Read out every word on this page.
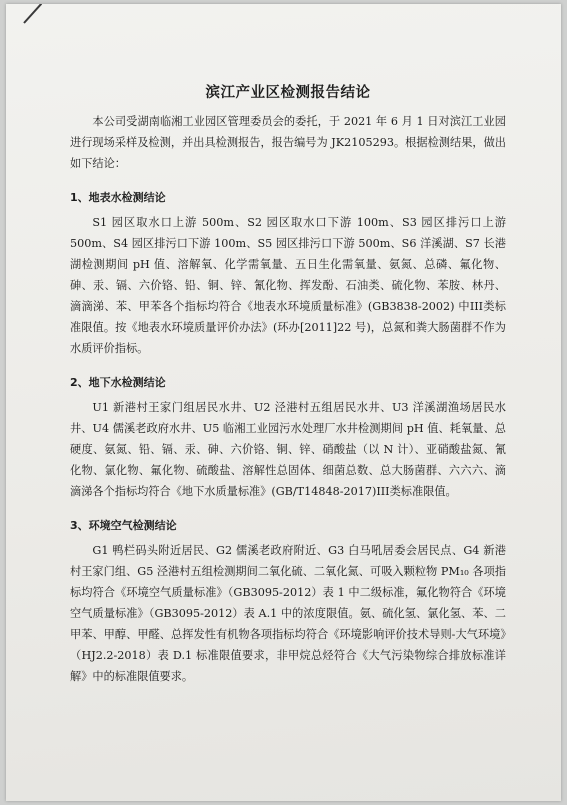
滨江产业区检测报告结论

本公司受湖南临湘工业园区管理委员会的委托，于 2021 年 6 月 1 日对滨江工业园进行现场采样及检测，并出具检测报告，报告编号为 JK2105293。根据检测结果，做出如下结论：

1、地表水检测结论

S1 园区取水口上游 500m、S2 园区取水口下游 100m、S3 园区排污口上游 500m、S4 园区排污口下游 100m、S5 园区排污口下游 500m、S6 洋溪湖、S7 长港湖检测期间 pH 值、溶解氧、化学需氧量、五日生化需氧量、氨氮、总磷、氟化物、砷、汞、镉、六价铬、铅、铜、锌、氰化物、挥发酚、石油类、硫化物、苯胺、林丹、滴滴涕、苯、甲苯各个指标均符合《地表水环境质量标准》(GB3838-2002) 中III类标准限值。按《地表水环境质量评价办法》(环办[2011]22 号)，总氮和粪大肠菌群不作为水质评价指标。

2、地下水检测结论

U1 新港村王家门组居民水井、U2 泾港村五组居民水井、U3 洋溪湖渔场居民水井、U4 儒溪老政府水井、U5 临湘工业园污水处理厂水井检测期间 pH 值、耗氧量、总硬度、氨氮、铅、镉、汞、砷、六价铬、铜、锌、硝酸盐（以 N 计）、亚硝酸盐氮、氰化物、氯化物、氟化物、硫酸盐、溶解性总固体、细菌总数、总大肠菌群、六六六、滴滴涕各个指标均符合《地下水质量标准》(GB/T14848-2017)III类标准限值。

3、环境空气检测结论

G1 鸭栏码头附近居民、G2 儒溪老政府附近、G3 白马吼居委会居民点、G4 新港村王家门组、G5 泾港村五组检测期间二氧化硫、二氧化氮、可吸入颗粒物 PM₁₀ 各项指标均符合《环境空气质量标准》（GB3095-2012）表 1 中二级标准，氟化物符合《环境空气质量标准》（GB3095-2012）表 A.1 中的浓度限值。氨、硫化氢、氯化氢、苯、二甲苯、甲醇、甲醛、总挥发性有机物各项指标均符合《环境影响评价技术导则-大气环境》（HJ2.2-2018）表 D.1 标准限值要求，非甲烷总烃符合《大气污染物综合排放标准详解》中的标准限值要求。
